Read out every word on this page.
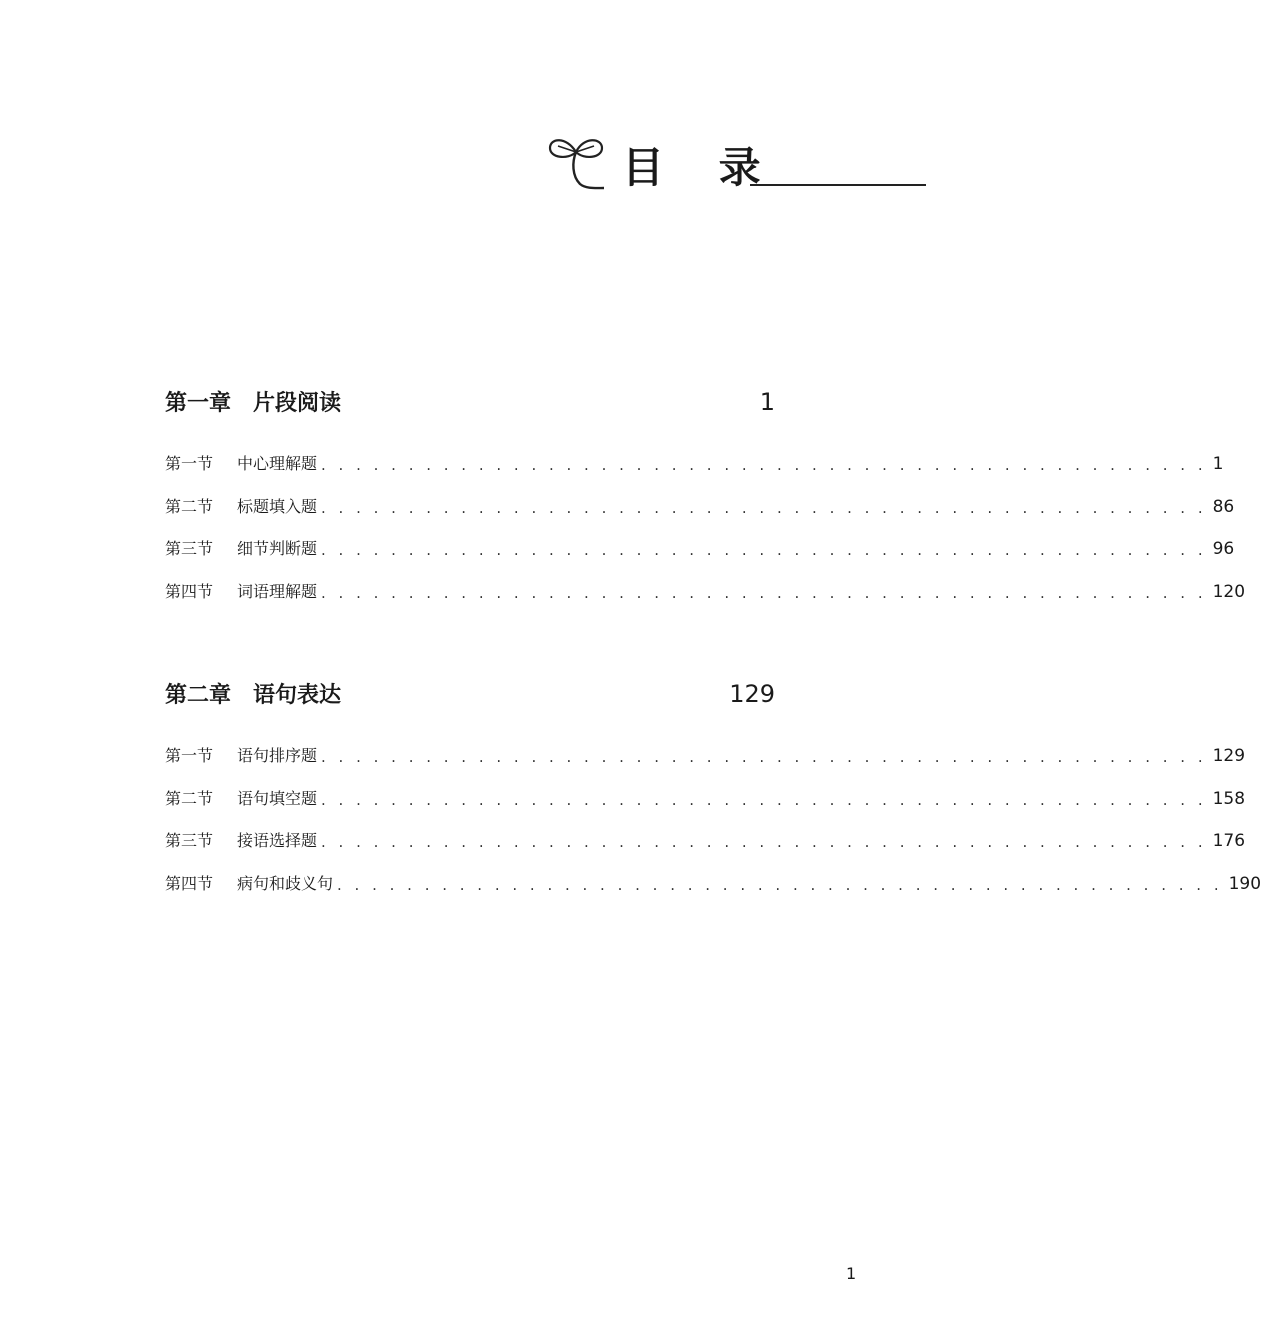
目 录
第一章 片段阅读	1
第一节	中心理解题 . . . . . . . . . . . . . . . . . . . . . . . . . . . . . . . . . . . . . . . . . . . . . . . . . . . 1
第二节	标题填入题 . . . . . . . . . . . . . . . . . . . . . . . . . . . . . . . . . . . . . . . . . . . . . . . . . . . 86
第三节	细节判断题 . . . . . . . . . . . . . . . . . . . . . . . . . . . . . . . . . . . . . . . . . . . . . . . . . . . 96
第四节	词语理解题 . . . . . . . . . . . . . . . . . . . . . . . . . . . . . . . . . . . . . . . . . . . . . . . . . . . 120
第二章 语句表达	129
第一节	语句排序题 . . . . . . . . . . . . . . . . . . . . . . . . . . . . . . . . . . . . . . . . . . . . . . . . . . . 129
第二节	语句填空题 . . . . . . . . . . . . . . . . . . . . . . . . . . . . . . . . . . . . . . . . . . . . . . . . . . . 158
第三节	接语选择题 . . . . . . . . . . . . . . . . . . . . . . . . . . . . . . . . . . . . . . . . . . . . . . . . . . . 176
第四节	病句和歧义句 . . . . . . . . . . . . . . . . . . . . . . . . . . . . . . . . . . . . . . . . . . . . . . . . . . . 190
1
